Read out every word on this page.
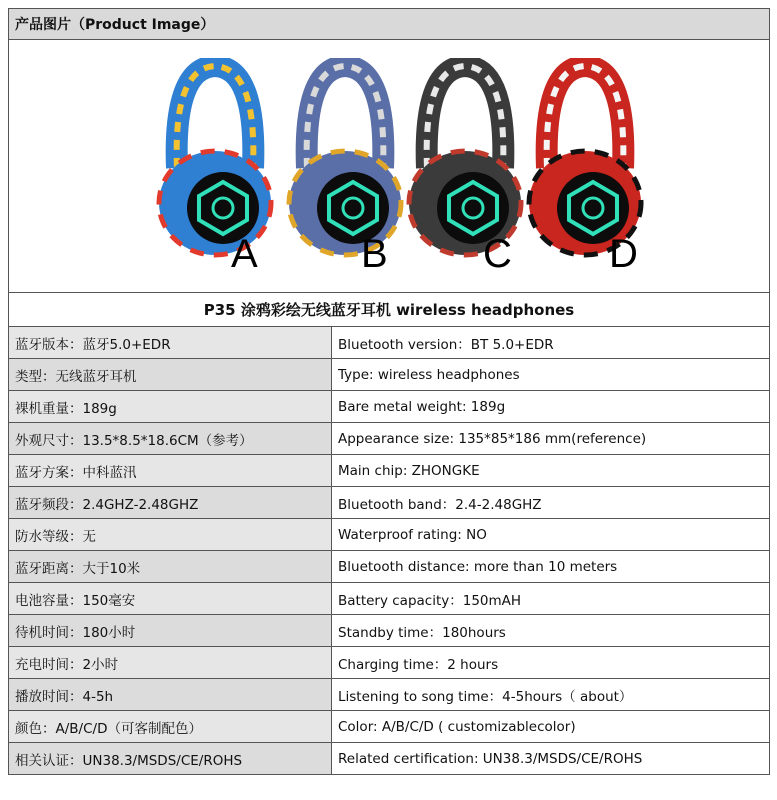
产品图片（Product Image）
A	B C D
P35 涂鸦彩绘无线蓝牙耳机 wireless headphones
蓝牙版本：蓝牙5.0+EDR	Bluetooth version：BT 5.0+EDR
类型：无线蓝牙耳机	Type: wireless headphones
裸机重量：189g	Bare metal weight: 189g
外观尺寸：13.5*8.5*18.6CM（参考）	Appearance size: 135*85*186 mm(reference)
蓝牙方案：中科蓝汛	Main chip: ZHONGKE
蓝牙频段：2.4GHZ-2.48GHZ	Bluetooth band：2.4-2.48GHZ
防水等级：无	Waterproof rating: NO
蓝牙距离：大于10米	Bluetooth distance: more than 10 meters
电池容量：150毫安	Battery capacity：150mAH
待机时间：180小时	Standby time：180hours
充电时间：2小时	Charging time：2 hours
播放时间：4-5h	Listening to song time：4-5hours（ about）
颜色：A/B/C/D（可客制配色）	Color: A/B/C/D ( customizablecolor)
相关认证：UN38.3/MSDS/CE/ROHS	Related certification: UN38.3/MSDS/CE/ROHS
